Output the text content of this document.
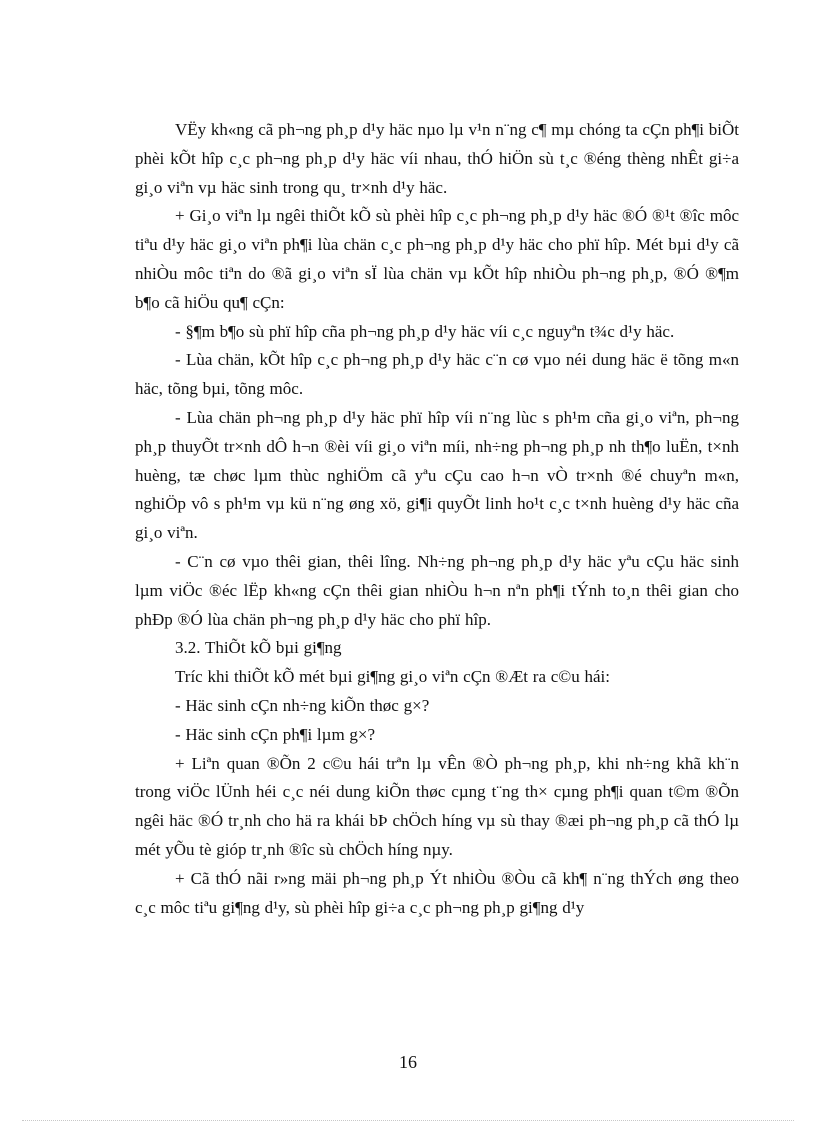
VËy kh«ng cã ph¬ng ph¸p d¹y häc nµo lµ v¹n n¨ng c¶ mµ chóng ta cÇn ph¶i biÕt phèi kÕt hîp c¸c ph¬ng ph¸p d¹y häc víi nhau, thÓ hiÖn sù t¸c ®éng thèng nhÊt gi÷a gi¸o viªn vµ häc sinh trong qu¸ tr×nh d¹y häc.

+ Gi¸o viªn lµ ngêi thiÕt kÕ sù phèi hîp c¸c ph¬ng ph¸p d¹y häc ®Ó ®¹t ®îc môc tiªu d¹y häc gi¸o viªn ph¶i lùa chän c¸c ph¬ng ph¸p d¹y häc cho phï hîp. Mét bµi d¹y cã nhiÒu môc tiªn do ®ã gi¸o viªn sÏ lùa chän vµ kÕt hîp nhiÒu ph¬ng ph¸p, ®Ó ®¶m b¶o cã hiÖu qu¶ cÇn:

- §¶m b¶o sù phï hîp cña ph¬ng ph¸p d¹y häc víi c¸c nguyªn t¾c d¹y häc.

- Lùa chän, kÕt hîp c¸c ph¬ng ph¸p d¹y häc c¨n cø vµo néi dung häc ë tõng m«n häc, tõng bµi, tõng môc.

- Lùa chän ph¬ng ph¸p d¹y häc phï hîp víi n¨ng lùc s ph¹m cña gi¸o viªn, ph¬ng ph¸p thuyÕt tr×nh dÔ h¬n ®èi víi gi¸o viªn míi, nh÷ng ph¬ng ph¸p nh th¶o luËn, t×nh huèng, tæ chøc lµm thùc nghiÖm cã yªu cÇu cao h¬n vÒ tr×nh ®é chuyªn m«n, nghiÖp vô s ph¹m vµ kü n¨ng øng xö, gi¶i quyÕt linh ho¹t c¸c t×nh huèng d¹y häc cña gi¸o viªn.

- C¨n cø vµo thêi gian, thêi lîng. Nh÷ng ph¬ng ph¸p d¹y häc yªu cÇu häc sinh lµm viÖc ®éc lËp kh«ng cÇn thêi gian nhiÒu h¬n nªn ph¶i tÝnh to¸n thêi gian cho phÐp ®Ó lùa chän ph¬ng ph¸p d¹y häc cho phï hîp.

3.2. ThiÕt kÕ bµi gi¶ng

Tríc khi thiÕt kÕ mét bµi gi¶ng gi¸o viªn cÇn ®Æt ra c©u hái:

- Häc sinh cÇn nh÷ng kiÕn thøc g×?

- Häc sinh cÇn ph¶i lµm g×?

+ Liªn quan ®Õn 2 c©u hái trªn lµ vÊn ®Ò ph¬ng ph¸p, khi nh÷ng khã kh¨n trong viÖc lÜnh héi c¸c néi dung kiÕn thøc cµng t¨ng th× cµng ph¶i quan t©m ®Õn ngêi häc ®Ó tr¸nh cho hä ra khái bÞ chÖch híng vµ sù thay ®æi ph¬ng ph¸p cã thÓ lµ mét yÕu tè gióp tr¸nh ®îc sù chÖch híng nµy.

+ Cã thÓ nãi r»ng mäi ph¬ng ph¸p Ýt nhiÒu ®Òu cã kh¶ n¨ng thÝch øng theo c¸c môc tiªu gi¶ng d¹y, sù phèi hîp gi÷a c¸c ph¬ng ph¸p gi¶ng d¹y

16
